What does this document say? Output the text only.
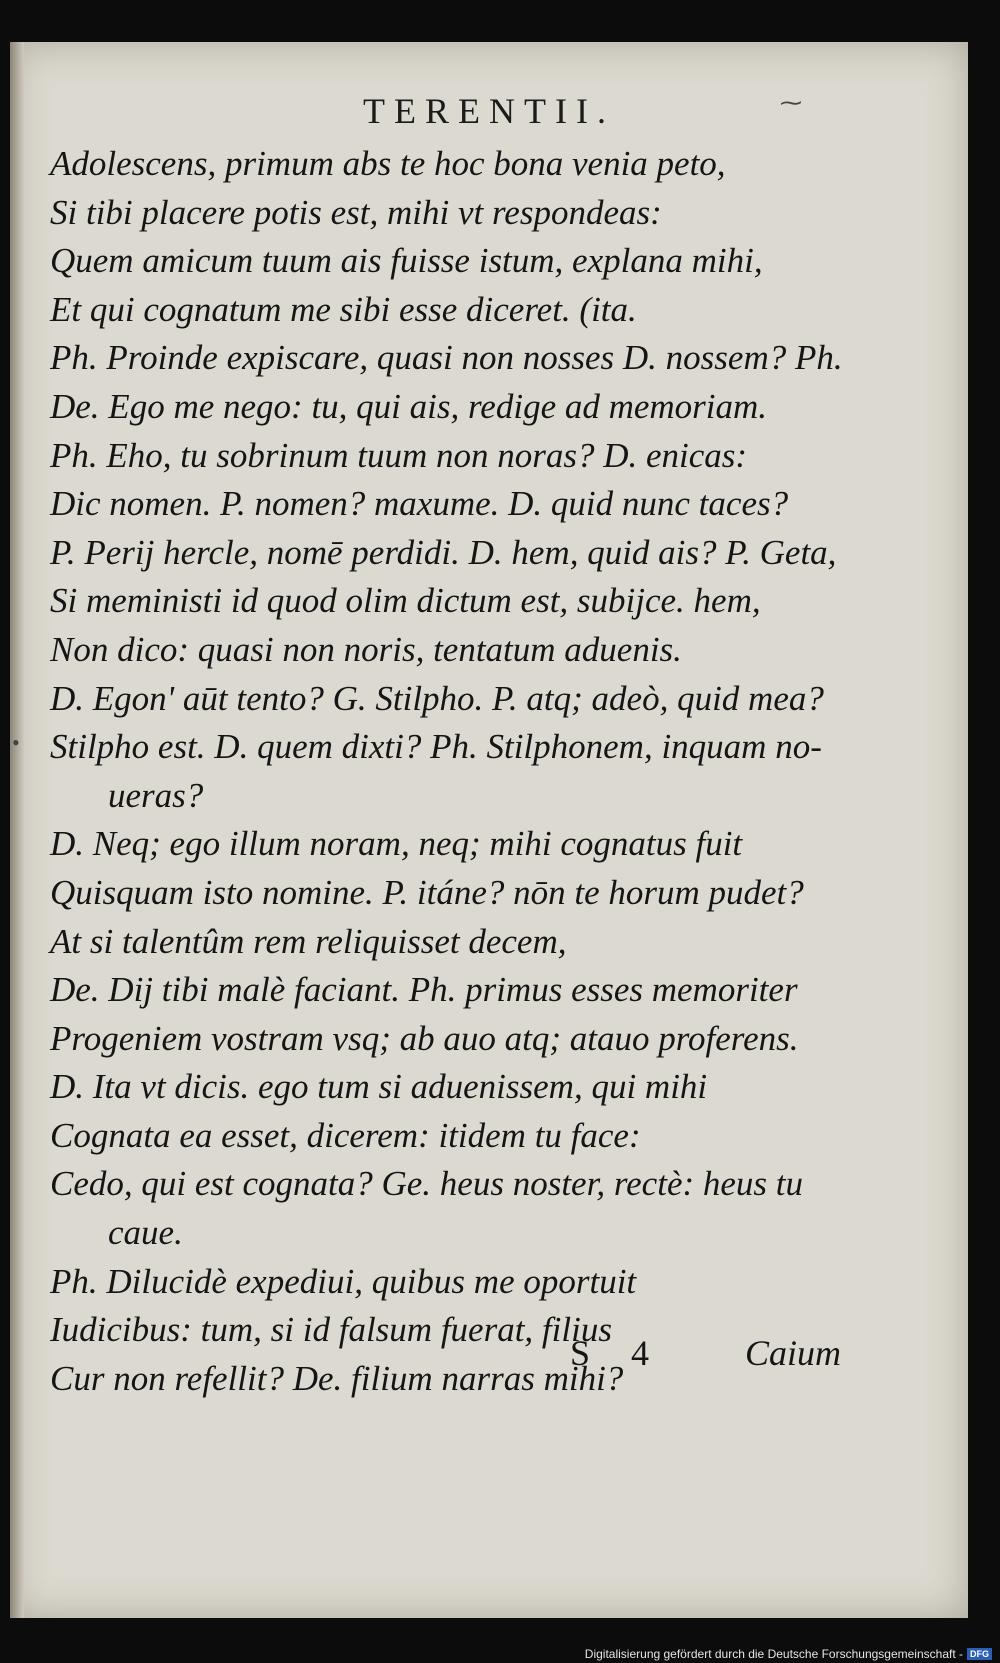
TERENTII.	⁓
•
Adolescens, primum abs te hoc bona venia peto,
Si tibi placere potis est, mihi vt respondeas:
Quem amicum tuum ais fuisse istum, explana mihi,
Et qui cognatum me sibi esse diceret. (ita.
Ph. Proinde expiscare, quasi non nosses D. nossem? Ph.
De. Ego me nego: tu, qui ais, redige ad memoriam.
Ph. Eho, tu sobrinum tuum non noras? D. enicas:
Dic nomen. P. nomen? maxume. D. quid nunc taces?
P. Perij hercle, nomē perdidi. D. hem, quid ais? P. Geta,
Si meministi id quod olim dictum est, subijce. hem,
Non dico: quasi non noris, tentatum aduenis.
D. Egon' aūt tento? G. Stilpho. P. atq; adeò, quid mea?
Stilpho est. D. quem dixti? Ph. Stilphonem, inquam no-
ueras?
D. Neq; ego illum noram, neq; mihi cognatus fuit
Quisquam isto nomine. P. itáne? nōn te horum pudet?
At si talentûm rem reliquisset decem,
De. Dij tibi malè faciant. Ph. primus esses memoriter
Progeniem vostram vsq; ab auo atq; atauo proferens.
D. Ita vt dicis. ego tum si aduenissem, qui mihi
Cognata ea esset, dicerem: itidem tu face:
Cedo, qui est cognata? Ge. heus noster, rectè: heus tu
caue.
Ph. Dilucidè expediui, quibus me oportuit
Iudicibus: tum, si id falsum fuerat, filius
Cur non refellit? De. filium narras mihi?
S 4 Caium
Digitalisierung gefördert durch die Deutsche Forschungsgemeinschaft - DFG
